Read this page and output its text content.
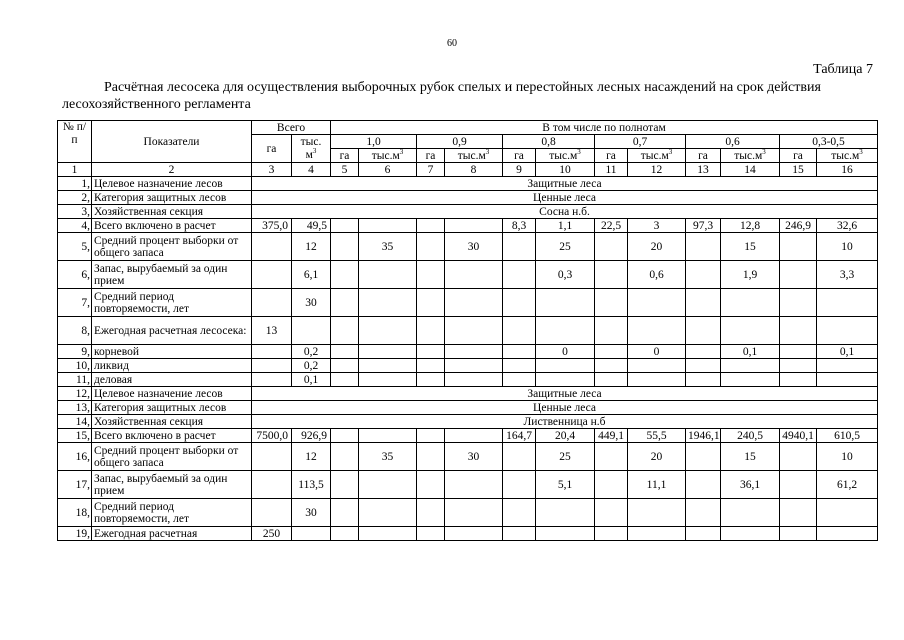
60
Таблица 7
Расчётная лесосека для осуществления выборочных рубок спелых и перестойных лесных насаждений на срок действия
лесохозяйственного регламента
№ п/п	Показатели	Всего		В том числе по полнотам											
		га	тыс. $м^3$	1,0		0,9		0,8		0,7		0,6		0,3-0,5	
				га	$тыс.м^3$	га	$тыс.м^3$	га	$тыс.м^3$	га	$тыс.м^3$	га	$тыс.м^3$	га	$тыс.м^3$
1	2	3	4	5	6	7	8	9	10	11	12	13	14	15	16
1,	Целевое назначение лесов	Защитные леса													
2,	Категория защитных лесов	Ценные леса													
3,	Хозяйственная секция	Сосна н.б.													
4,	Всего включено в расчет	375,0	49,5					8,3	1,1	22,5	3	97,3	12,8	246,9	32,6
5,	Средний процент выборки от общего запаса		12		35		30		25		20		15		10
6,	Запас, вырубаемый за один прием		6,1						0,3		0,6		1,9		3,3
7,	Средний период повторяемости, лет		30												
8,	Ежегодная расчетная лесосека:	13													
9,	корневой		0,2						0		0		0,1		0,1
10,	ликвид		0,2												
11,	деловая		0,1												
12,	Целевое назначение лесов	Защитные леса													
13,	Категория защитных лесов	Ценные леса													
14,	Хозяйственная секция	Лиственница н.б													
15,	Всего включено в расчет	7500,0	926,9					164,7	20,4	449,1	55,5	1946,1	240,5	4940,1	610,5
16,	Средний процент выборки от общего запаса		12		35		30		25		20		15		10
17,	Запас, вырубаемый за один прием		113,5						5,1		11,1		36,1		61,2
18,	Средний период повторяемости, лет		30												
19,	Ежегодная расчетная	250													
